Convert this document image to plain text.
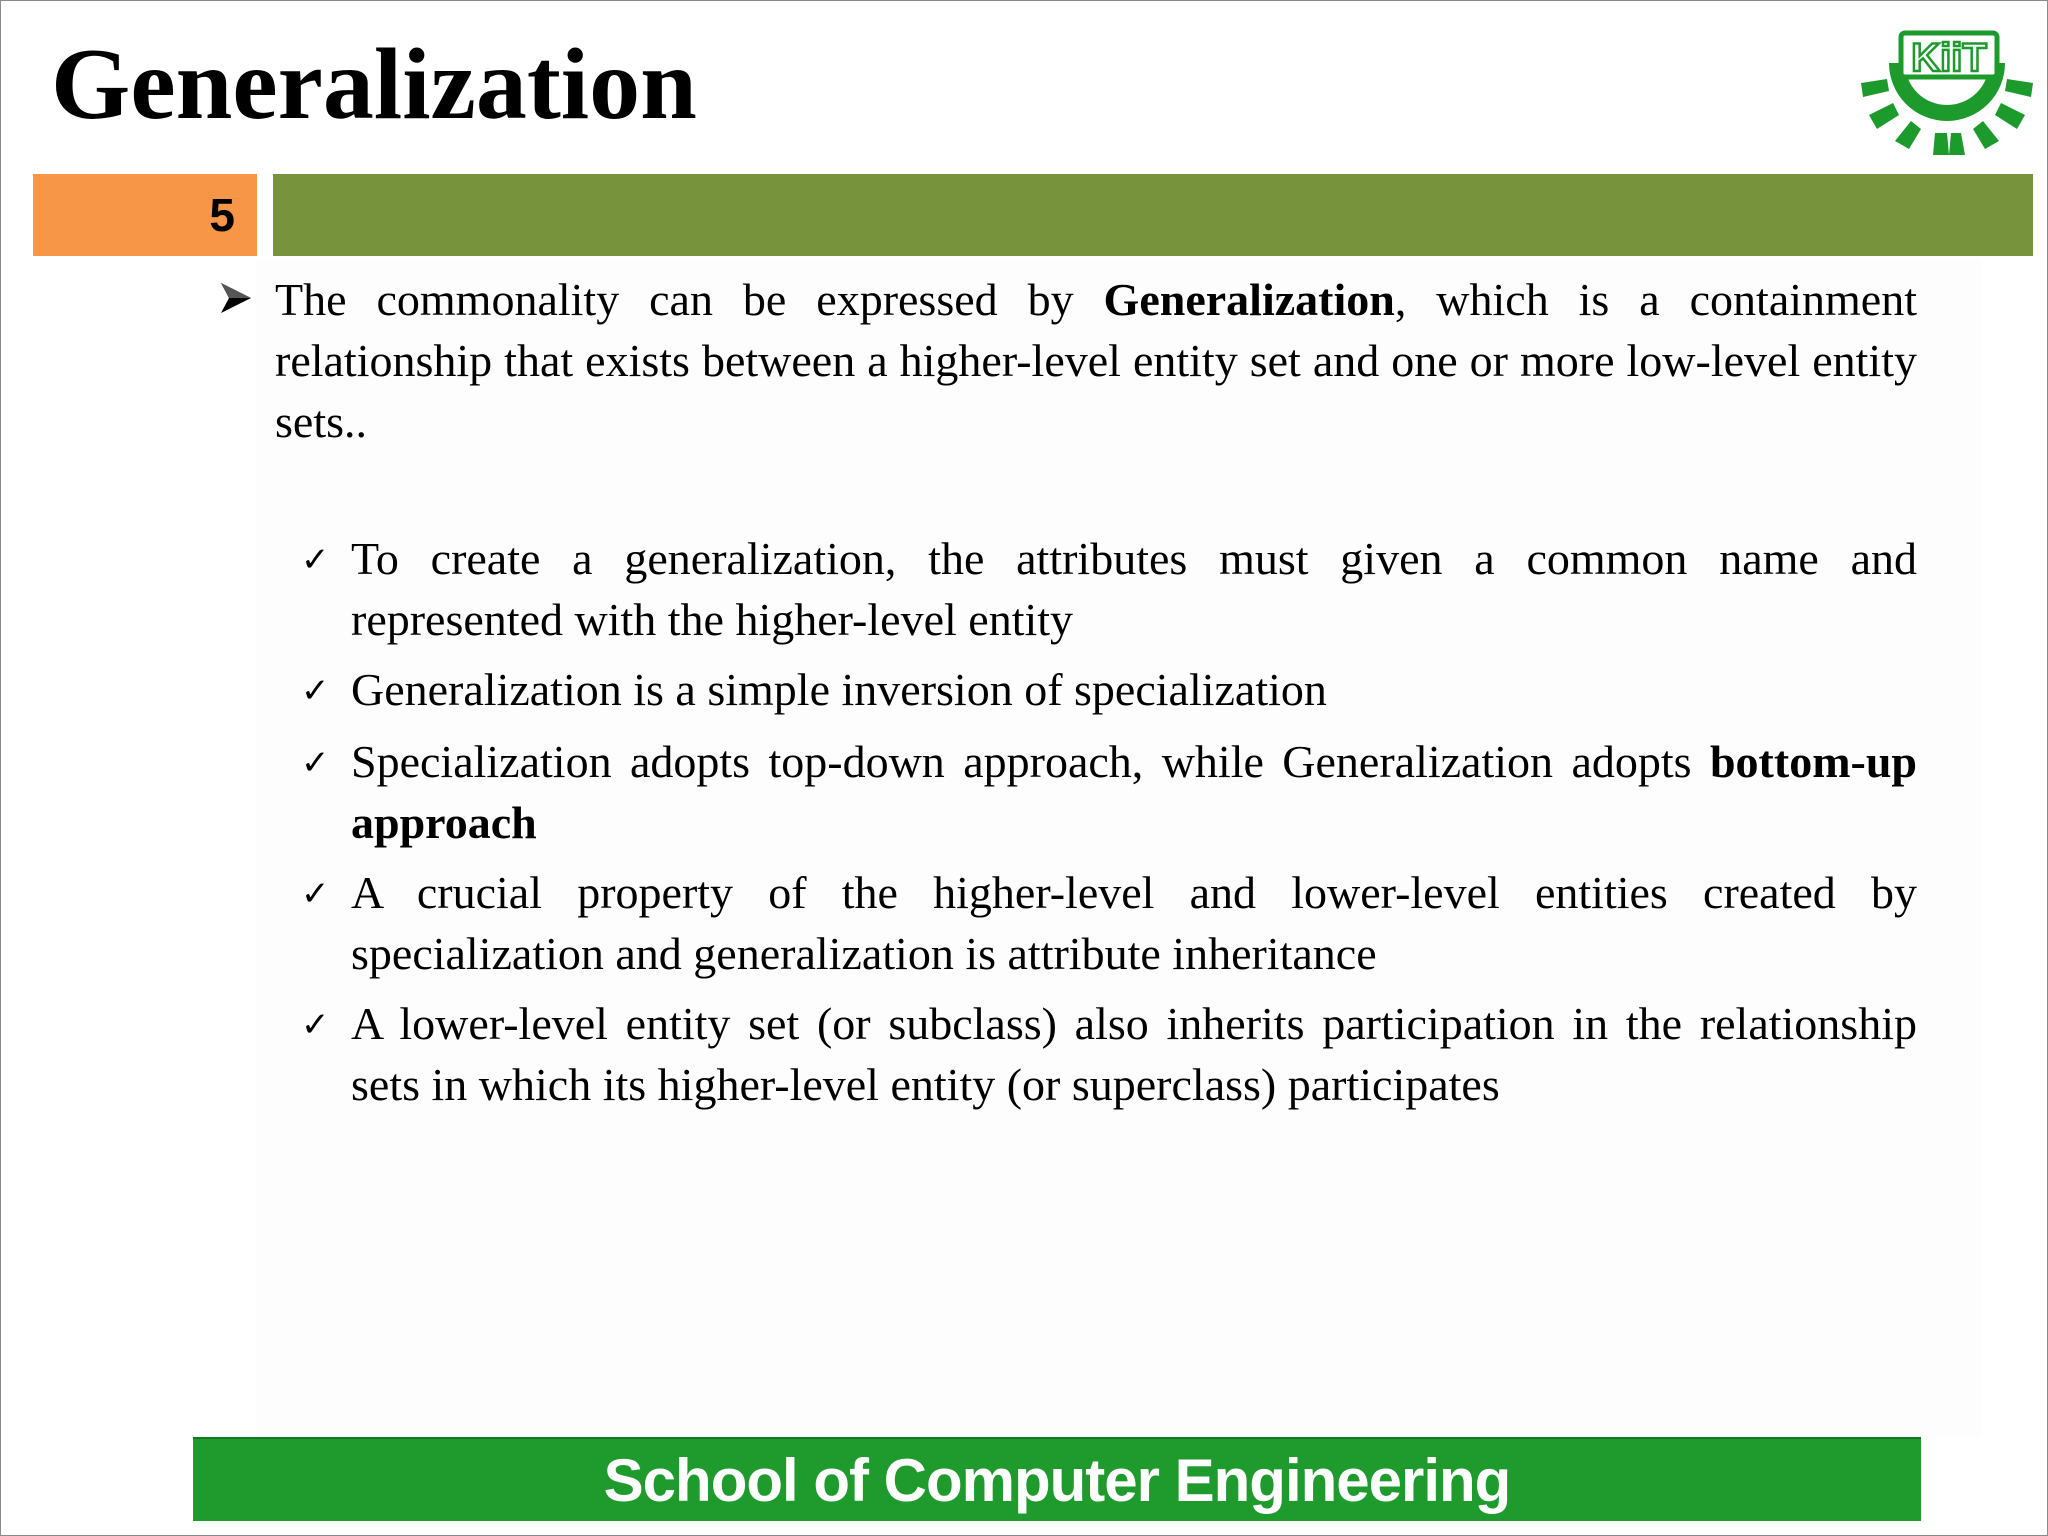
Generalization	KiiT
5
The commonality can be expressed by Generalization, which is a containment relationship that exists between a higher-level entity set and one or more low-level entity sets..
✓ To create a generalization, the attributes must given a common name and represented with the higher-level entity
✓ Generalization is a simple inversion of specialization
✓ Specialization adopts top-down approach, while Generalization adopts bottom-up approach
✓ A crucial property of the higher-level and lower-level entities created by specialization and generalization is attribute inheritance
✓ A lower-level entity set (or subclass) also inherits participation in the relationship sets in which its higher-level entity (or superclass) participates
School of Computer Engineering
